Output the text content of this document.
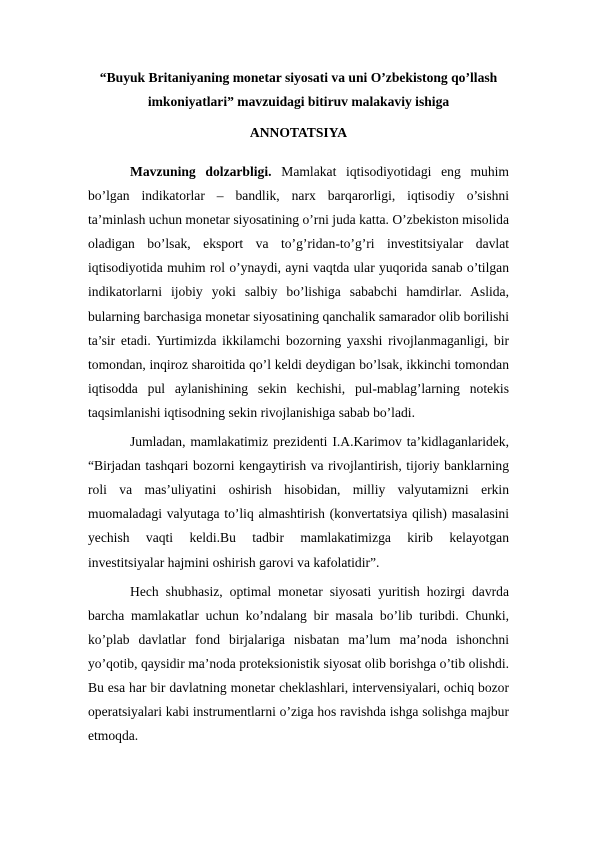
“Buyuk Britaniyaning monetar siyosati va uni O’zbekistong qo’llash imkoniyatlari” mavzuidagi bitiruv malakaviy ishiga
ANNOTATSIYA

Mavzuning dolzarbligi. Mamlakat iqtisodiyotidagi eng muhim bo’lgan indikatorlar – bandlik, narx barqarorligi, iqtisodiy o’sishni ta’minlash uchun monetar siyosatining o’rni juda katta. O’zbekiston misolida oladigan bo’lsak, eksport va to’g’ridan-to’g’ri investitsiyalar davlat iqtisodiyotida muhim rol o’ynaydi, ayni vaqtda ular yuqorida sanab o’tilgan indikatorlarni ijobiy yoki salbiy bo’lishiga sababchi hamdirlar. Aslida, bularning barchasiga monetar siyosatining qanchalik samarador olib borilishi ta’sir etadi. Yurtimizda ikkilamchi bozorning yaxshi rivojlanmaganligi, bir tomondan, inqiroz sharoitida qo’l keldi deydigan bo’lsak, ikkinchi tomondan iqtisodda pul aylanishining sekin kechishi, pul-mablag’larning notekis taqsimlanishi iqtisodning sekin rivojlanishiga sabab bo’ladi.

Jumladan, mamlakatimiz prezidenti I.A.Karimov ta’kidlaganlaridek, “Birjadan tashqari bozorni kengaytirish va rivojlantirish, tijoriy banklarning roli va mas’uliyatini oshirish hisobidan, milliy valyutamizni erkin muomaladagi valyutaga to’liq almashtirish (konvertatsiya qilish) masalasini yechish vaqti keldi.Bu tadbir mamlakatimizga kirib kelayotgan investitsiyalar hajmini oshirish garovi va kafolatidir”.

Hech shubhasiz, optimal monetar siyosati yuritish hozirgi davrda barcha mamlakatlar uchun ko’ndalang bir masala bo’lib turibdi. Chunki, ko’plab davlatlar fond birjalariga nisbatan ma’lum ma’noda ishonchni yo’qotib, qaysidir ma’noda proteksionistik siyosat olib borishga o’tib olishdi. Bu esa har bir davlatning monetar cheklashlari, intervensiyalari, ochiq bozor operatsiyalari kabi instrumentlarni o’ziga hos ravishda ishga solishga majbur etmoqda.
